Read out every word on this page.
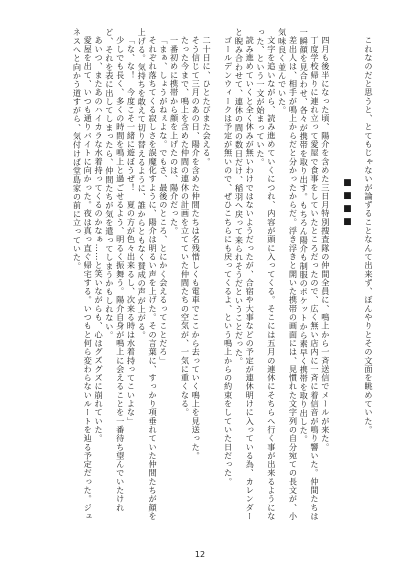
これなのだと思うと、とてもじゃないが論ずることなんて出来ず、ぼんやりとその文面を眺めていた。

■■■■

四月も後半になった頃、陽介を含めた三日月特別捜査隊の仲間全員に、鳴上から一斉送信でメールが来た。

丁度学校帰りに連れ立って愛屋で食事をしていたところだったので、広く無い店内に一斉に着信音が鳴り響いた。仲間たちは一瞬顔を見合わせ、各々が携帯を取り出す。もちろん陽介も制服のポケットから素早く携帯を取り出した。

差出人は、相手が鳴上からだと分かったからだ。浮き浮きと開いた携帯の画面には、見慣れた文字列の自分宛ての長文が、小気味良く並んでいた。

文字を追いながら、読み進めていくにつれ、内容が頭に入ってくる。そこには五月の連休にそちらへ行く事が出来るようになった、という一文が始まっていた。

読み進めていくと全く休みが無いわけではないようだったが、合宿や大事などの予定が連休明けに入っている為、カレンダーと睨み合わせて、連休の間の数日だけ、稲羽へ戻って来られそうだということだった。

ゴールデンウィークは予定が無いので、ぜひこちらにも戻ってくるよ、という鳴上からの約束をしていた日だった。

二十日に、ひとたびまた会える。

そう信じて三月のあの日、陽介を含めた仲間たちは名残惜しくも電車でここから去っていく鳴上を見送った。

たった今まで、鳴上を含めた仲間の連休の計画を立てていた仲間たちの空気が、一気に重くなる。

一番初めに携帯から顔を上げたのは、陽介だった。

「まぁ、しょうがねぇよな。でもさ、最後のところ、とにかく会えるってことだろ」

それぞれ落ちてくる寂しさを誤魔化すように、陽介は明るい声を上げた。その言葉に、すっかり項垂れていた仲間たちが顔を上げる。気持ちを敢えて切り替えるように、誰からともなく賛成の声が上がる。

「な、な！　今度こそ一緒に遊ぼうぜ！　夏の方が色々出来るし、次来る時は水着持ってこいよな」

少しでも長く、多くの時間を鳴上と過ごせるよう、明るく振舞う。陽介自身が鳴上に会えることを一番待ち望んでいたけれど、それを表に出してしまったら、仲間たちが気を遣ってしまうかもしれない。

あいつ、またあのハイカラな水着持ってくるのかなぁ……と笑いながらも、心はグズグズに崩れていた。

愛屋を出て、いつも通りバイトに向かった。夜は真っ直ぐ帰宅する。いつもと何ら変わらないルートを辿る予定だった。ジュネスへと向かう道すがら、気付けば堂島家の前に立っていた。

12
